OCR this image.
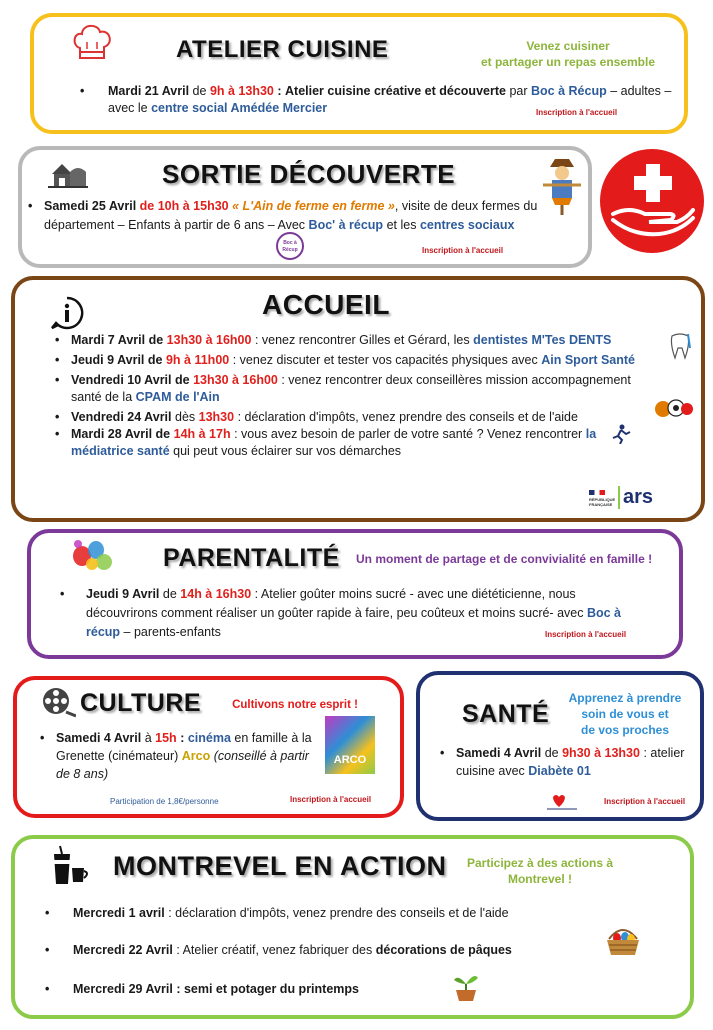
ATELIER CUISINE	Venez cuisiner
et partager un repas ensemble
• Mardi 21 Avril de 9h à 13h30 : Atelier cuisine créative et découverte par Boc à Récup – adultes – avec le centre social Amédée Mercier	Inscription à l'accueil
SORTIE DÉCOUVERTE
• Samedi 25 Avril de 10h à 15h30 « L'Ain de ferme en ferme », visite de deux fermes du département – Enfants à partir de 6 ans – Avec Boc' à récup et les centres sociaux
Boc à Récup	Inscription à l'accueil
ACCUEIL
• Mardi 7 Avril de 13h30 à 16h00 : venez rencontrer Gilles et Gérard, les dentistes M'Tes DENTS
• Jeudi 9 Avril de 9h à 11h00 : venez discuter et tester vos capacités physiques avec Ain Sport Santé
• Vendredi 10 Avril de 13h30 à 16h00 : venez rencontrer deux conseillères mission accompagnement santé de la CPAM de l'Ain
• Vendredi 24 Avril dès 13h30 : déclaration d'impôts, venez prendre des conseils et de l'aide
• Mardi 28 Avril de 14h à 17h : vous avez besoin de parler de votre santé ? Venez rencontrer la médiatrice santé qui peut vous éclairer sur vos démarches
RÉPUBLIQUE FRANÇAISE ars
PARENTALITÉ Un moment de partage et de convivialité en famille !
• Jeudi 9 Avril de 14h à 16h30 : Atelier goûter moins sucré - avec une diététicienne, nous découvrirons comment réaliser un goûter rapide à faire, peu coûteux et moins sucré- avec Boc à récup – parents-enfants	Inscription à l'accueil
CULTURE	Cultivons notre esprit !
• Samedi 4 Avril à 15h : cinéma en famille à la Grenette (cinémateur) Arco (conseillé à partir de 8 ans)
ARCO
Participation de 1,8€/personne	Inscription à l'accueil
SANTÉ
Apprenez à prendre
soin de vous et
de vos proches
• Samedi 4 Avril de 9h30 à 13h30 : atelier cuisine avec Diabète 01
Inscription à l'accueil
MONTREVEL EN ACTION	Participez à des actions à
Montrevel !
• Mercredi 1 avril : déclaration d'impôts, venez prendre des conseils et de l'aide
• Mercredi 22 Avril : Atelier créatif, venez fabriquer des décorations de pâques
• Mercredi 29 Avril : semi et potager du printemps
